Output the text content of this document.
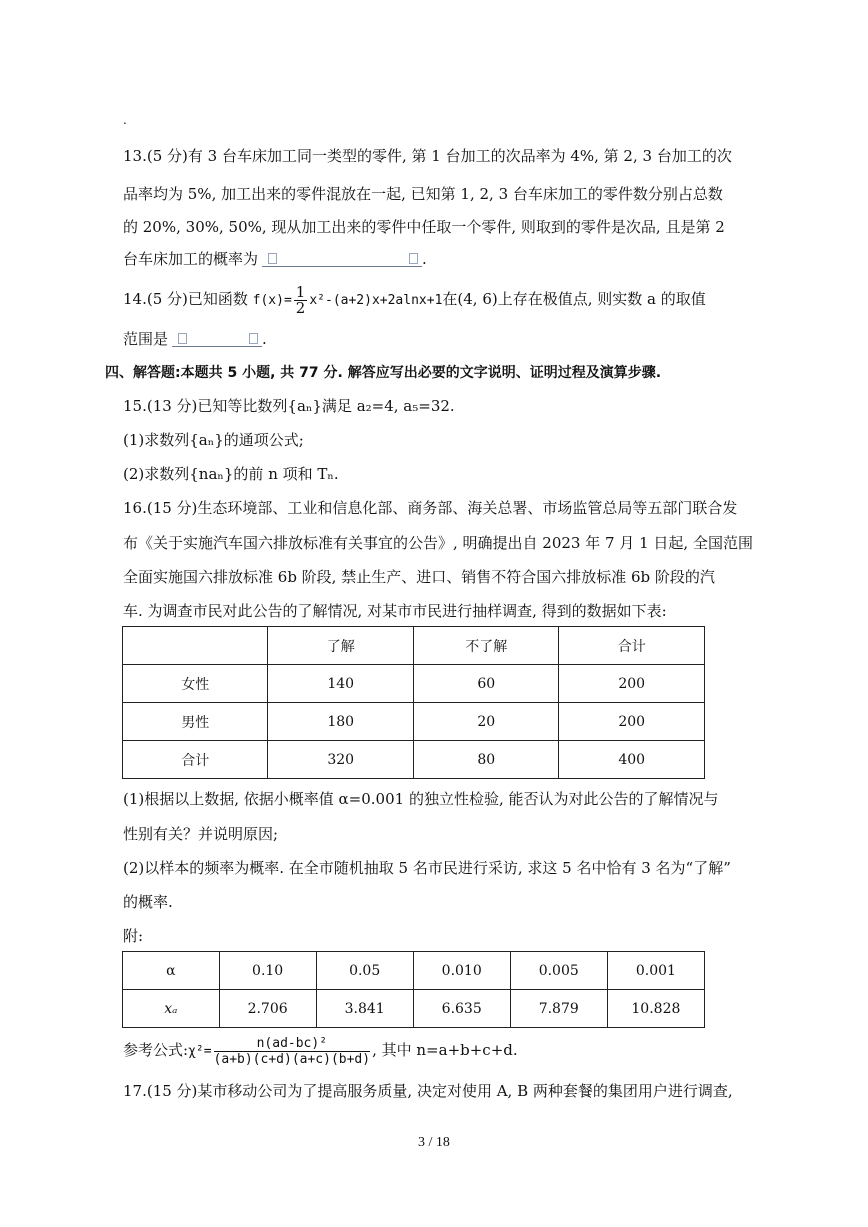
.
13.(5 分)有 3 台车床加工同一类型的零件, 第 1 台加工的次品率为 4%, 第 2, 3 台加工的次
品率均为 5%, 加工出来的零件混放在一起, 已知第 1, 2, 3 台车床加工的零件数分别占总数
的 20%, 30%, 50%, 现从加工出来的零件中任取一个零件, 则取到的零件是次品, 且是第 2
台车床加工的概率为	.
14.(5 分)已知函数 $f(x)= \frac{1}{2} x^2-(a+2)x+2alnx+1$在(4, 6)上存在极值点, 则实数 a 的取值
范围是	.
四、解答题:本题共 5 小题, 共 77 分. 解答应写出必要的文字说明、证明过程及演算步骤.
15.(13 分)已知等比数列{aₙ}满足 a₂=4, a₅=32.
(1)求数列{aₙ}的通项公式;
(2)求数列{naₙ}的前 n 项和 Tₙ.
16.(15 分)生态环境部、工业和信息化部、商务部、海关总署、市场监管总局等五部门联合发
布《关于实施汽车国六排放标准有关事宜的公告》, 明确提出自 2023 年 7 月 1 日起, 全国范围
全面实施国六排放标准 6b 阶段, 禁止生产、进口、销售不符合国六排放标准 6b 阶段的汽
车. 为调查市民对此公告的了解情况, 对某市市民进行抽样调查, 得到的数据如下表:
	了解	不了解	合计
女性	140	60	200
男性	180	20	200
合计	320	80	400
(1)根据以上数据, 依据小概率值 α=0.001 的独立性检验, 能否认为对此公告的了解情况与
性别有关？并说明原因;
(2)以样本的频率为概率. 在全市随机抽取 5 名市民进行采访, 求这 5 名中恰有 3 名为“了解”
的概率.
附:
α	0.10	0.05	0.010	0.005	0.001
xₐ	2.706	3.841	6.635	7.879	10.828
参考公式:χ²= $\frac{\text{n(ad-bc)²}}{(a+b)(c+d)(a+c)(b+d)}$ , 其中 n=a+b+c+d.
17.(15 分)某市移动公司为了提高服务质量, 决定对使用 A, B 两种套餐的集团用户进行调查,
3 / 18
